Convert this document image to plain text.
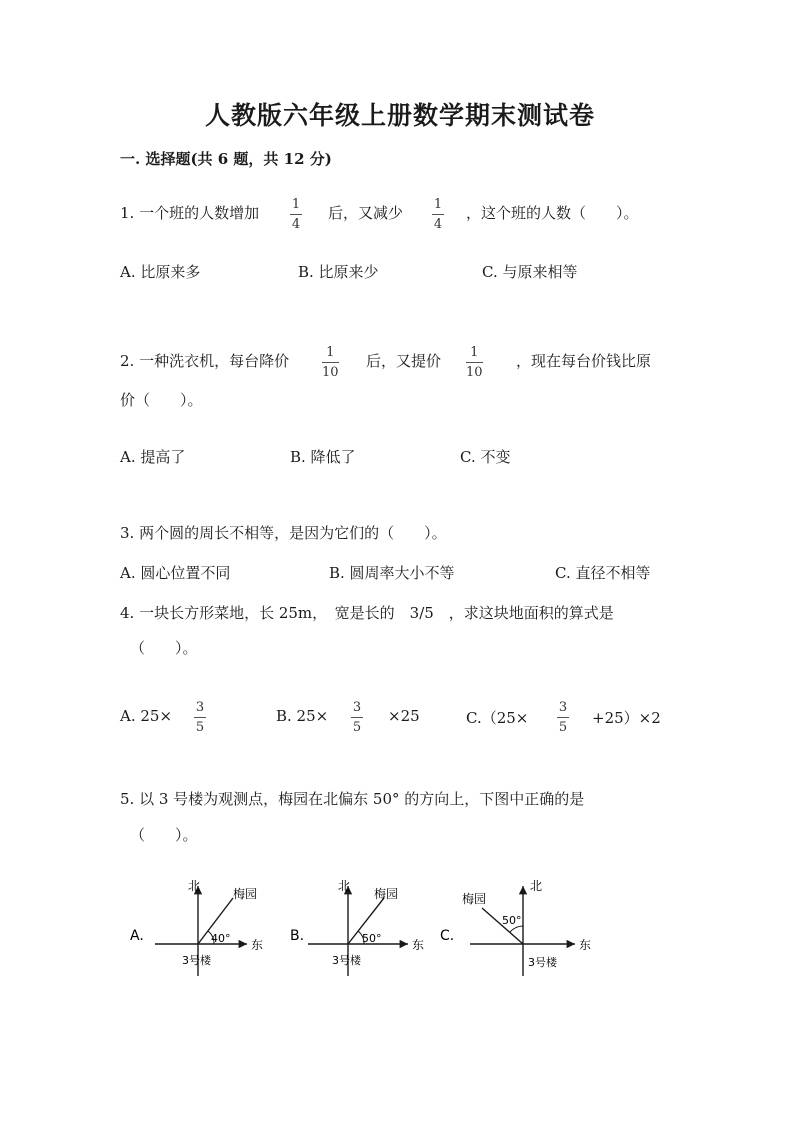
人教版六年级上册数学期末测试卷
一. 选择题(共 6 题，共 12 分)
1. 一个班的人数增加	1
4
后，又减少 1
4
，这个班的人数（　　）。
A. 比原来多	B. 比原来少	C. 与原来相等
2. 一种洗衣机，每台降价	1
10
后，又提价 1
10
，现在每台价钱比原
价（　　）。
A. 提高了	B. 降低了	C. 不变
3. 两个圆的周长不相等，是因为它们的（　　）。
A. 圆心位置不同	B. 圆周率大小不等	C. 直径不相等
4. 一块长方形菜地，长 25m，　宽是长的　3/5　，求这块地面积的算式是
（　　）。
A. 25× 3
5
B. 25× 3
5
×25	C.（25×
3
5
+25）×2
5. 以 3 号楼为观测点，梅园在北偏东 50° 的方向上，下图中正确的是
（　　）。
A.
北
东
梅园
40°
3号楼
B.
北
东
梅园
50°
3号楼
C.
北
东
梅园
50°
3号楼
